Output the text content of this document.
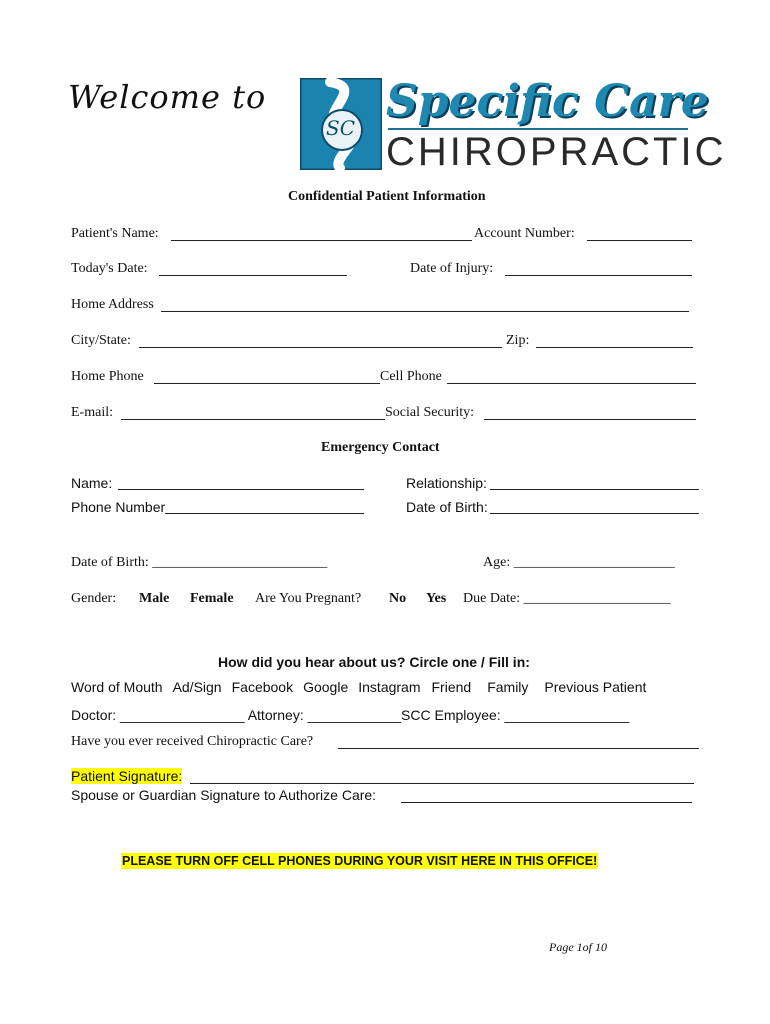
Welcome to
SC
Specific Care
CHIROPRACTIC
Confidential Patient Information
Patient's Name:	Account Number:
Today's Date:	Date of Injury:
Home Address
City/State:	Zip:
Home Phone	Cell Phone
E-mail:	Social Security:
Emergency Contact
Name:	Relationship:
Phone Number	Date of Birth:
Date of Birth: _________________________	Age: _______________________
Gender: Male Female Are You Pregnant? No Yes Due Date: _____________________
How did you hear about us? Circle one / Fill in:
Word of Mouth Ad/Sign Facebook Google Instagram Friend Family Previous Patient
Doctor: ________________ Attorney: ____________SCC Employee: ________________
Have you ever received Chiropractic Care?
Patient Signature:
Spouse or Guardian Signature to Authorize Care:
PLEASE TURN OFF CELL PHONES DURING YOUR VISIT HERE IN THIS OFFICE!
Page 1of 10
